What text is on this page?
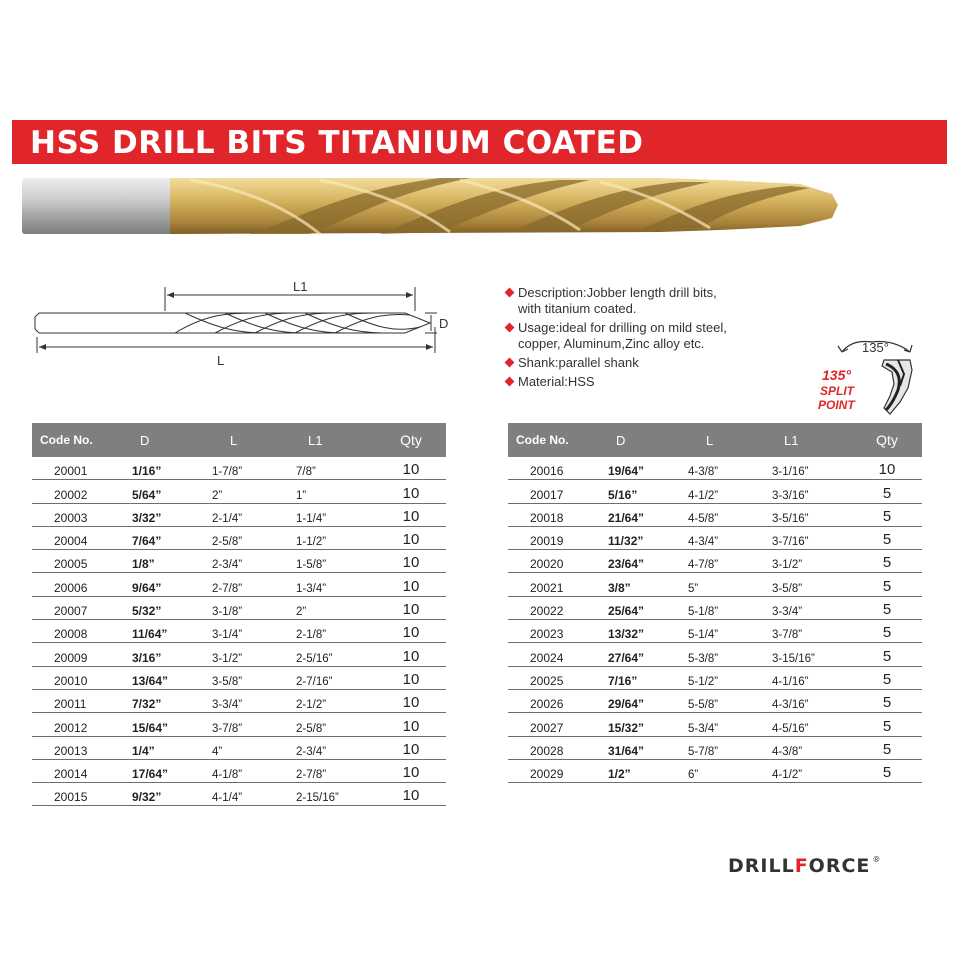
HSS DRILL BITS TITANIUM COATED
L1
L
D
Description:Jobber length drill bits,
with titanium coated.
Usage:ideal for drilling on mild steel,
copper, Aluminum,Zinc alloy etc.
Shank:parallel shank
Material:HSS
135°
135°
SPLIT
POINT
Code No.	D	L	L1	Qty
20001	1/16”	1-7/8”	7/8”	10
20002	5/64”	2”	1”	10
20003	3/32”	2-1/4”	1-1/4”	10
20004	7/64”	2-5/8”	1-1/2”	10
20005	1/8”	2-3/4”	1-5/8”	10
20006	9/64”	2-7/8”	1-3/4”	10
20007	5/32”	3-1/8”	2”	10
20008	11/64”	3-1/4”	2-1/8”	10
20009	3/16”	3-1/2”	2-5/16”	10
20010	13/64”	3-5/8”	2-7/16”	10
20011	7/32”	3-3/4”	2-1/2”	10
20012	15/64”	3-7/8”	2-5/8”	10
20013	1/4”	4”	2-3/4”	10
20014	17/64”	4-1/8”	2-7/8”	10
20015	9/32”	4-1/4”	2-15/16”	10
Code No.	D	L	L1	Qty
20016	19/64”	4-3/8”	3-1/16”	10
20017	5/16”	4-1/2”	3-3/16”	5
20018	21/64”	4-5/8”	3-5/16”	5
20019	11/32”	4-3/4”	3-7/16”	5
20020	23/64”	4-7/8”	3-1/2”	5
20021	3/8”	5”	3-5/8”	5
20022	25/64”	5-1/8”	3-3/4”	5
20023	13/32”	5-1/4”	3-7/8”	5
20024	27/64”	5-3/8”	3-15/16”	5
20025	7/16”	5-1/2”	4-1/16”	5
20026	29/64”	5-5/8”	4-3/16”	5
20027	15/32”	5-3/4”	4-5/16”	5
20028	31/64”	5-7/8”	4-3/8”	5
20029	1/2”	6”	4-1/2”	5
DRILLFORCE ®
